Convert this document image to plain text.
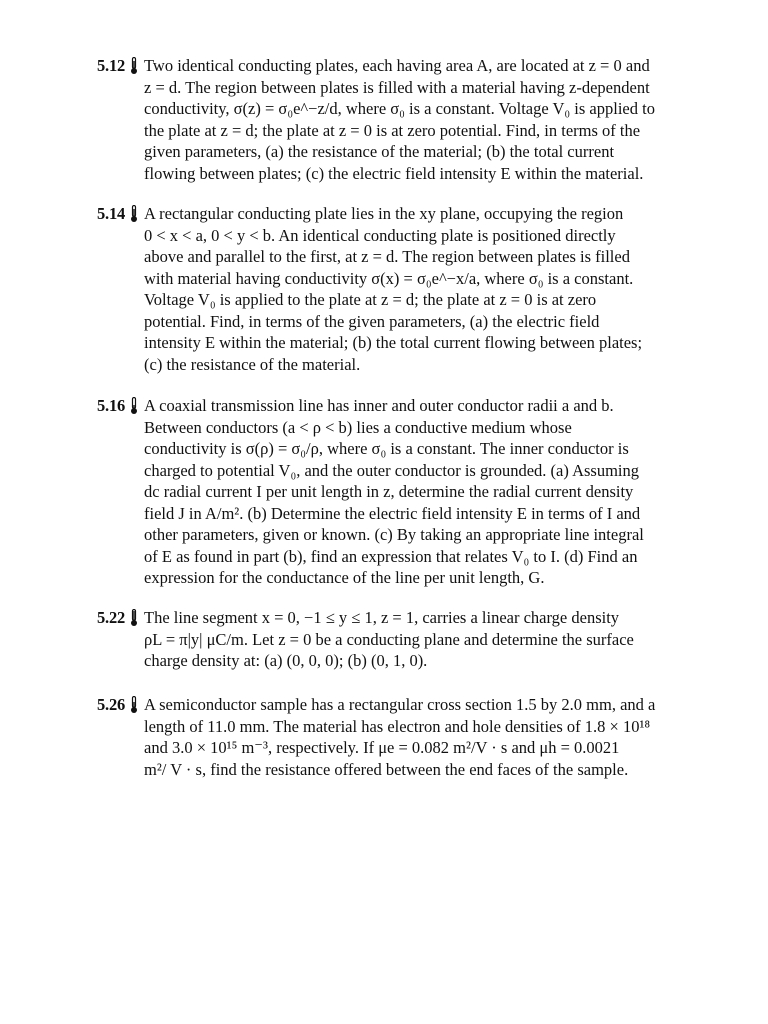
5.12 Two identical conducting plates, each having area A, are located at z = 0 and
z = d. The region between plates is filled with a material having z-dependent
conductivity, σ(z) = σ₀e^−z/d, where σ₀ is a constant. Voltage V₀ is applied to
the plate at z = d; the plate at z = 0 is at zero potential. Find, in terms of the
given parameters, (a) the resistance of the material; (b) the total current
flowing between plates; (c) the electric field intensity E within the material.
5.14 A rectangular conducting plate lies in the xy plane, occupying the region
0 < x < a, 0 < y < b. An identical conducting plate is positioned directly
above and parallel to the first, at z = d. The region between plates is filled
with material having conductivity σ(x) = σ₀e^−x/a, where σ₀ is a constant.
Voltage V₀ is applied to the plate at z = d; the plate at z = 0 is at zero
potential. Find, in terms of the given parameters, (a) the electric field
intensity E within the material; (b) the total current flowing between plates;
(c) the resistance of the material.
5.16 A coaxial transmission line has inner and outer conductor radii a and b.
Between conductors (a < ρ < b) lies a conductive medium whose
conductivity is σ(ρ) = σ₀/ρ, where σ₀ is a constant. The inner conductor is
charged to potential V₀, and the outer conductor is grounded. (a) Assuming
dc radial current I per unit length in z, determine the radial current density
field J in A/m². (b) Determine the electric field intensity E in terms of I and
other parameters, given or known. (c) By taking an appropriate line integral
of E as found in part (b), find an expression that relates V₀ to I. (d) Find an
expression for the conductance of the line per unit length, G.
5.22 The line segment x = 0, −1 ≤ y ≤ 1, z = 1, carries a linear charge density
ρL = π|y| μC/m. Let z = 0 be a conducting plane and determine the surface
charge density at: (a) (0, 0, 0); (b) (0, 1, 0).
5.26 A semiconductor sample has a rectangular cross section 1.5 by 2.0 mm, and a
length of 11.0 mm. The material has electron and hole densities of 1.8 × 10¹⁸
and 3.0 × 10¹⁵ m⁻³, respectively. If μe = 0.082 m²/V · s and μh = 0.0021
m²/ V · s, find the resistance offered between the end faces of the sample.
